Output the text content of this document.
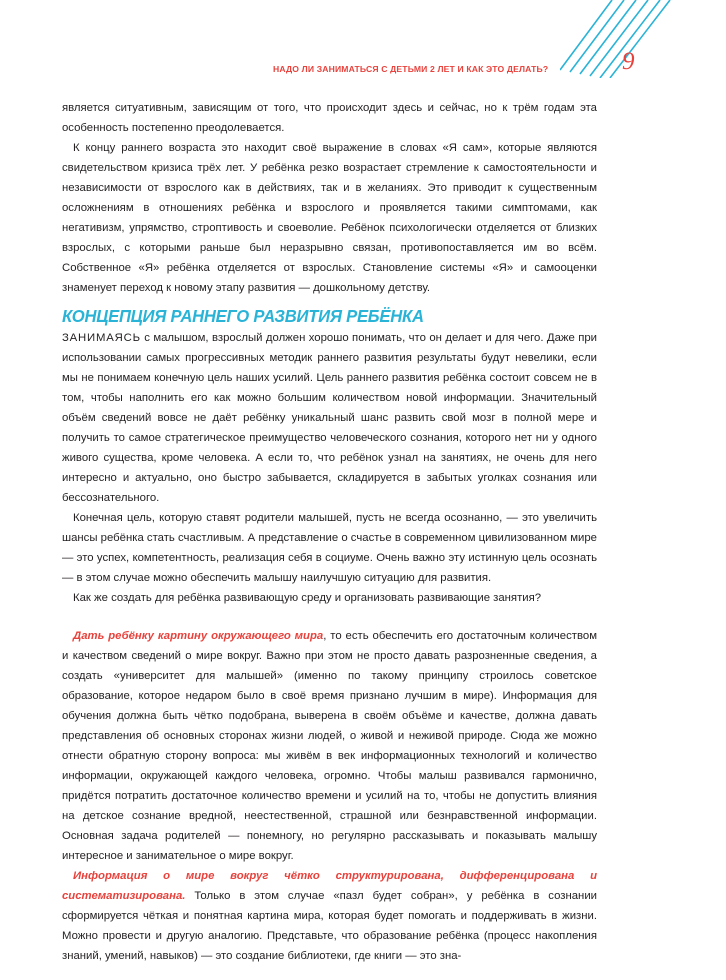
НАДО ЛИ ЗАНИМАТЬСЯ С ДЕТЬМИ 2 ЛЕТ И КАК ЭТО ДЕЛАТЬ?	9

является ситуативным, зависящим от того, что происходит здесь и сейчас, но к трём годам эта особенность постепенно преодолевается.

К концу раннего возраста это находит своё выражение в словах «Я сам», которые являются свидетельством кризиса трёх лет. У ребёнка резко возрастает стремление к самостоятельности и независимости от взрослого как в действиях, так и в желаниях. Это приводит к существенным осложнениям в отношениях ребёнка и взрослого и проявляется такими симптомами, как негативизм, упрямство, строптивость и своеволие. Ребёнок психологически отделяется от близких взрослых, с которыми раньше был неразрывно связан, противопоставляется им во всём. Собственное «Я» ребёнка отделяется от взрослых. Становление системы «Я» и самооценки знаменует переход к новому этапу развития — дошкольному детству.

КОНЦЕПЦИЯ РАННЕГО РАЗВИТИЯ РЕБЁНКА

ЗАНИМАЯСЬ с малышом, взрослый должен хорошо понимать, что он делает и для чего. Даже при использовании самых прогрессивных методик раннего развития результаты будут невелики, если мы не понимаем конечную цель наших усилий. Цель раннего развития ребёнка состоит совсем не в том, чтобы наполнить его как можно большим количеством новой информации. Значительный объём сведений вовсе не даёт ребёнку уникальный шанс развить свой мозг в полной мере и получить то самое стратегическое преимущество человеческого сознания, которого нет ни у одного живого существа, кроме человека. А если то, что ребёнок узнал на занятиях, не очень для него интересно и актуально, оно быстро забывается, складируется в забытых уголках сознания или бессознательного.

Конечная цель, которую ставят родители малышей, пусть не всегда осознанно, — это увеличить шансы ребёнка стать счастливым. А представление о счастье в современном цивилизованном мире — это успех, компетентность, реализация себя в социуме. Очень важно эту истинную цель осознать — в этом случае можно обеспечить малышу наилучшую ситуацию для развития.

Как же создать для ребёнка развивающую среду и организовать развивающие занятия?

Дать ребёнку картину окружающего мира, то есть обеспечить его достаточным количеством и качеством сведений о мире вокруг. Важно при этом не просто давать разрозненные сведения, а создать «университет для малышей» (именно по такому принципу строилось советское образование, которое недаром было в своё время признано лучшим в мире). Информация для обучения должна быть чётко подобрана, выверена в своём объёме и качестве, должна давать представления об основных сторонах жизни людей, о живой и неживой природе. Сюда же можно отнести обратную сторону вопроса: мы живём в век информационных технологий и количество информации, окружающей каждого человека, огромно. Чтобы малыш развивался гармонично, придётся потратить достаточное количество времени и усилий на то, чтобы не допустить влияния на детское сознание вредной, неестественной, страшной или безнравственной информации. Основная задача родителей — понемногу, но регулярно рассказывать и показывать малышу интересное и занимательное о мире вокруг.

Информация о мире вокруг чётко структурирована, дифференцирована и систематизирована. Только в этом случае «пазл будет собран», у ребёнка в сознании сформируется чёткая и понятная картина мира, которая будет помогать и поддерживать в жизни. Можно провести и другую аналогию. Представьте, что образование ребёнка (процесс накопления знаний, умений, навыков) — это создание библиотеки, где книги — это зна-
